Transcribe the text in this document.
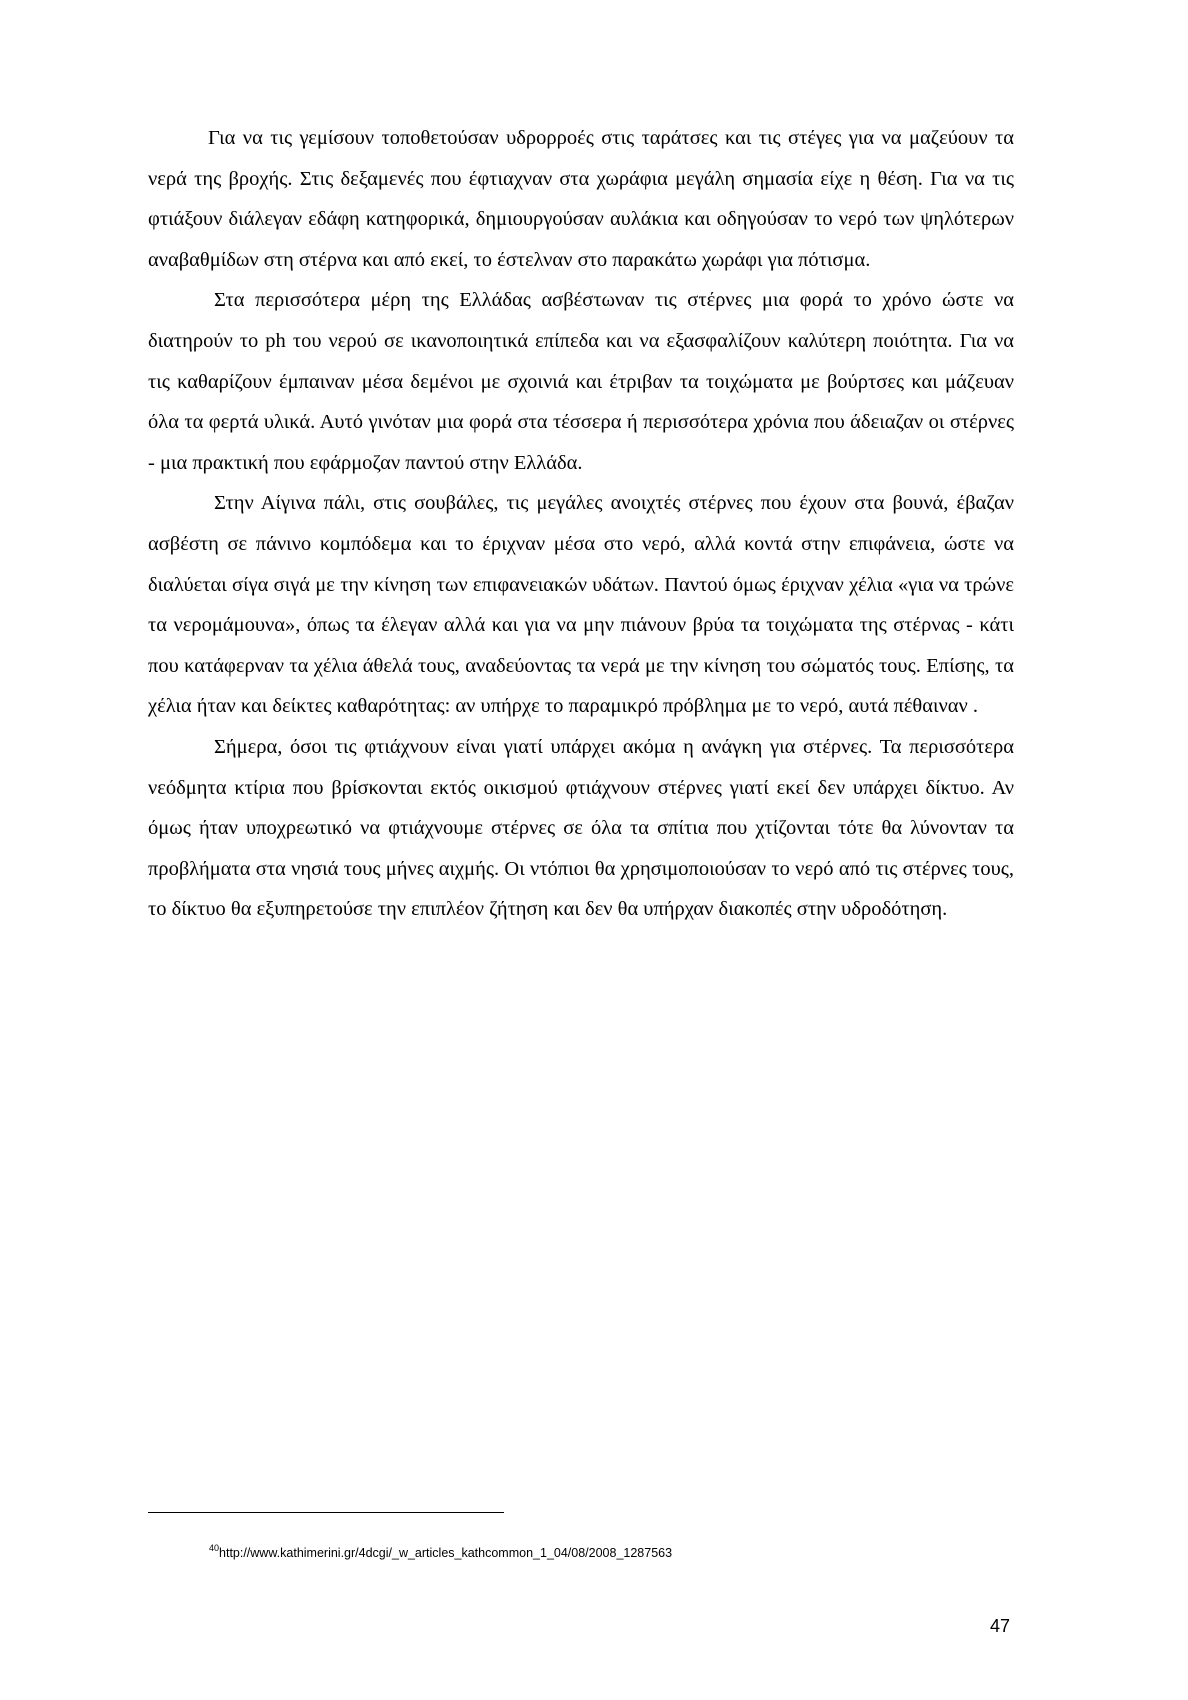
Για να τις γεμίσουν τοποθετούσαν υδρορροές στις ταράτσες και τις στέγες για να μαζεύουν τα νερά της βροχής. Στις δεξαμενές που έφτιαχναν στα χωράφια μεγάλη σημασία είχε η θέση. Για να τις φτιάξουν διάλεγαν εδάφη κατηφορικά, δημιουργούσαν αυλάκια και οδηγούσαν το νερό των ψηλότερων αναβαθμίδων στη στέρνα και από εκεί, το έστελναν στο παρακάτω χωράφι για πότισμα.

Στα περισσότερα μέρη της Ελλάδας ασβέστωναν τις στέρνες μια φορά το χρόνο ώστε να διατηρούν το ph του νερού σε ικανοποιητικά επίπεδα και να εξασφαλίζουν καλύτερη ποιότητα. Για να τις καθαρίζουν έμπαιναν μέσα δεμένοι με σχοινιά και έτριβαν τα τοιχώματα με βούρτσες και μάζευαν όλα τα φερτά υλικά. Αυτό γινόταν μια φορά στα τέσσερα ή περισσότερα χρόνια που άδειαζαν οι στέρνες - μια πρακτική που εφάρμοζαν παντού στην Ελλάδα.

Στην Αίγινα πάλι, στις σουβάλες, τις μεγάλες ανοιχτές στέρνες που έχουν στα βουνά, έβαζαν ασβέστη σε πάνινο κομπόδεμα και το έριχναν μέσα στο νερό, αλλά κοντά στην επιφάνεια, ώστε να διαλύεται σίγα σιγά με την κίνηση των επιφανειακών υδάτων. Παντού όμως έριχναν χέλια «για να τρώνε τα νερομάμουνα», όπως τα έλεγαν αλλά και για να μην πιάνουν βρύα τα τοιχώματα της στέρνας - κάτι που κατάφερναν τα χέλια άθελά τους, αναδεύοντας τα νερά με την κίνηση του σώματός τους. Επίσης, τα χέλια ήταν και δείκτες καθαρότητας: αν υπήρχε το παραμικρό πρόβλημα με το νερό, αυτά πέθαιναν .

Σήμερα, όσοι τις φτιάχνουν είναι γιατί υπάρχει ακόμα η ανάγκη για στέρνες. Τα περισσότερα νεόδμητα κτίρια που βρίσκονται εκτός οικισμού φτιάχνουν στέρνες γιατί εκεί δεν υπάρχει δίκτυο. Αν όμως ήταν υποχρεωτικό να φτιάχνουμε στέρνες σε όλα τα σπίτια που χτίζονται τότε θα λύνονταν τα προβλήματα στα νησιά τους μήνες αιχμής. Οι ντόπιοι θα χρησιμοποιούσαν το νερό από τις στέρνες τους, το δίκτυο θα εξυπηρετούσε την επιπλέον ζήτηση και δεν θα υπήρχαν διακοπές στην υδροδότηση.

$^{40}$http://www.kathimerini.gr/4dcgi/_w_articles_kathcommon_1_04/08/2008_1287563
47
